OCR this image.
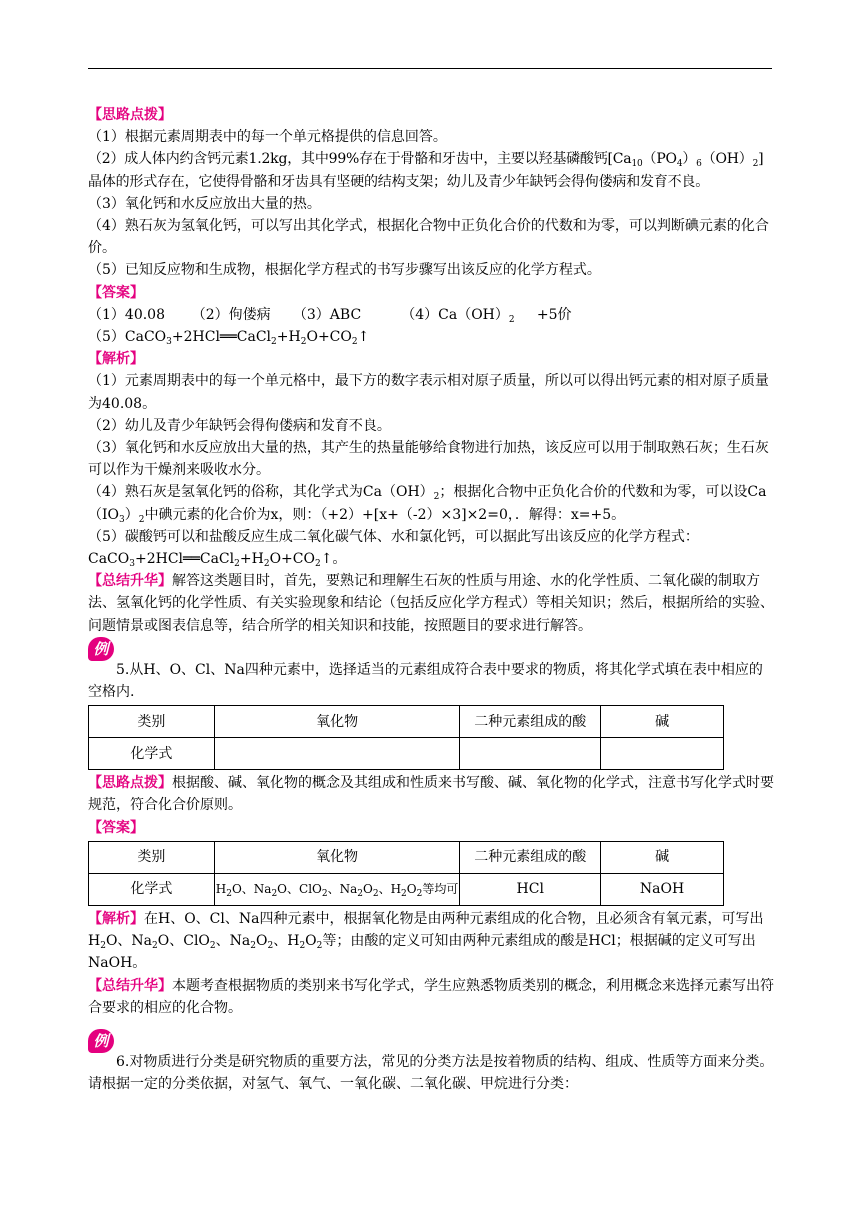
【思路点拨】

（1）根据元素周期表中的每一个单元格提供的信息回答。

（2）成人体内约含钙元素1.2kg，其中99%存在于骨骼和牙齿中，主要以羟基磷酸钙$[Ca_{10}(PO_4)_6(OH)_2]$晶体的形式存在，它使得骨骼和牙齿具有坚硬的结构支架；幼儿及青少年缺钙会得佝偻病和发育不良。

（3）氧化钙和水反应放出大量的热。

（4）熟石灰为氢氧化钙，可以写出其化学式，根据化合物中正负化合价的代数和为零，可以判断碘元素的化合价。

（5）已知反应物和生成物，根据化学方程式的书写步骤写出该反应的化学方程式。

【答案】

（1）40.08 （2）佝偻病 （3）ABC	$(4)Ca(OH)_2 +5$价

$(5)CaCO_3+2HCl══CaCl_2+H_2O+CO_2↑$

【解析】

（1）元素周期表中的每一个单元格中，最下方的数字表示相对原子质量，所以可以得出钙元素的相对原子质量为40.08。

（2）幼儿及青少年缺钙会得佝偻病和发育不良。

（3）氧化钙和水反应放出大量的热，其产生的热量能够给食物进行加热，该反应可以用于制取熟石灰；生石灰可以作为干燥剂来吸收水分。

（4）熟石灰是氢氧化钙的俗称，其化学式为$Ca(OH)_2$；根据化合物中正负化合价的代数和为零，可以设$Ca(IO_3)_2$中碘元素的化合价为x，则：（+2）+[x+（-2）×3]×2=0，．解得：x=+5。

（5）碳酸钙可以和盐酸反应生成二氧化碳气体、水和氯化钙，可以据此写出该反应的化学方程式：

$CaCO_3+2HCl══CaCl_2+H_2O+CO_2↑$。

【总结升华】解答这类题目时，首先，要熟记和理解生石灰的性质与用途、水的化学性质、二氧化碳的制取方法、氢氧化钙的化学性质、有关实验现象和结论（包括反应化学方程式）等相关知识；然后，根据所给的实验、问题情景或图表信息等，结合所学的相关知识和技能，按照题目的要求进行解答。

例

5.从H、O、Cl、Na四种元素中，选择适当的元素组成符合表中要求的物质，将其化学式填在表中相应的空格内.

类别	氧化物	二种元素组成的酸	碱
化学式			

【思路点拨】根据酸、碱、氧化物的概念及其组成和性质来书写酸、碱、氧化物的化学式，注意书写化学式时要规范，符合化合价原则。

【答案】

类别	氧化物	二种元素组成的酸	碱
化学式	$H_2O$、$Na_2O$、ClO$_2$、$Na_2O_2$、$H_2O_2$等均可	HCl	NaOH

【解析】在H、O、Cl、Na四种元素中，根据氧化物是由两种元素组成的化合物，且必须含有氧元素，可写出$H_2O$、$Na_2O$、ClO$_2$、$Na_2O_2$、$H_2O_2$等；由酸的定义可知由两种元素组成的酸是HCl；根据碱的定义可写出NaOH。

【总结升华】本题考查根据物质的类别来书写化学式，学生应熟悉物质类别的概念，利用概念来选择元素写出符合要求的相应的化合物。

例

6.对物质进行分类是研究物质的重要方法，常见的分类方法是按着物质的结构、组成、性质等方面来分类。请根据一定的分类依据，对氢气、氧气、一氧化碳、二氧化碳、甲烷进行分类：
